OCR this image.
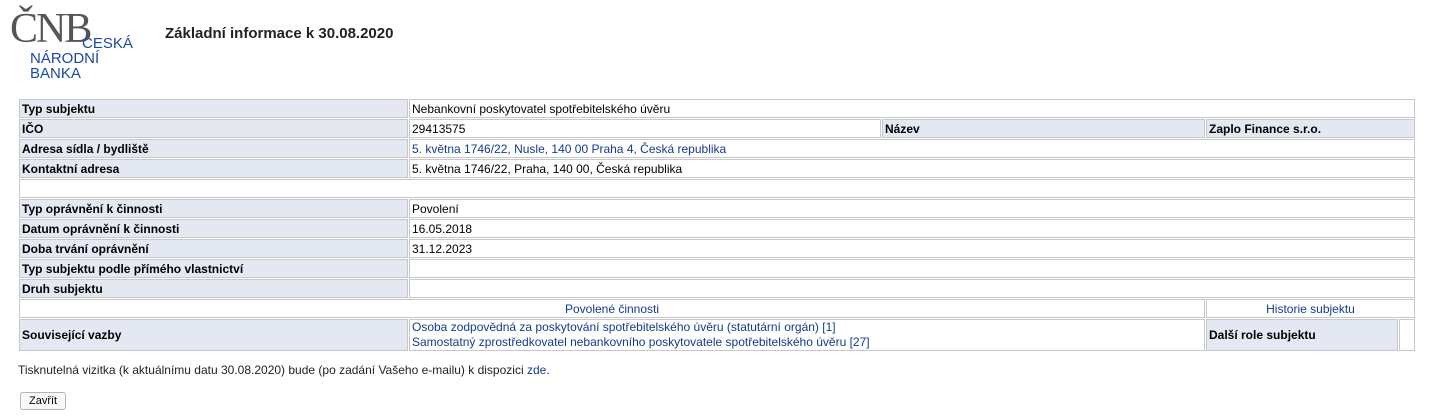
ČNB
ČESKÁ
NÁRODNÍ
BANKA
Základní informace k 30.08.2020
Typ subjektu	Nebankovní poskytovatel spotřebitelského úvěru			
IČO	29413575	Název	Zaplo Finance s.r.o.	
Adresa sídla / bydliště	5. května 1746/22, Nusle, 140 00 Praha 4, Česká republika			
Kontaktní adresa	5. května 1746/22, Praha, 140 00, Česká republika			

Typ oprávnění k činnosti	Povolení			
Datum oprávnění k činnosti	16.05.2018			
Doba trvání oprávnění	31.12.2023			
Typ subjektu podle přímého vlastnictví				
Druh subjektu				
Povolené činnosti			Historie subjektu	
Související vazby	Osoba zodpovědná za poskytování spotřebitelského úvěru (statutární orgán) [1]
Samostatný zprostředkovatel nebankovního poskytovatele spotřebitelského úvěru [27]		Další role subjektu	
Tisknutelná vizitka (k aktuálnímu datu 30.08.2020) bude (po zadání Vašeho e-mailu) k dispozici zde.
Zavřít
